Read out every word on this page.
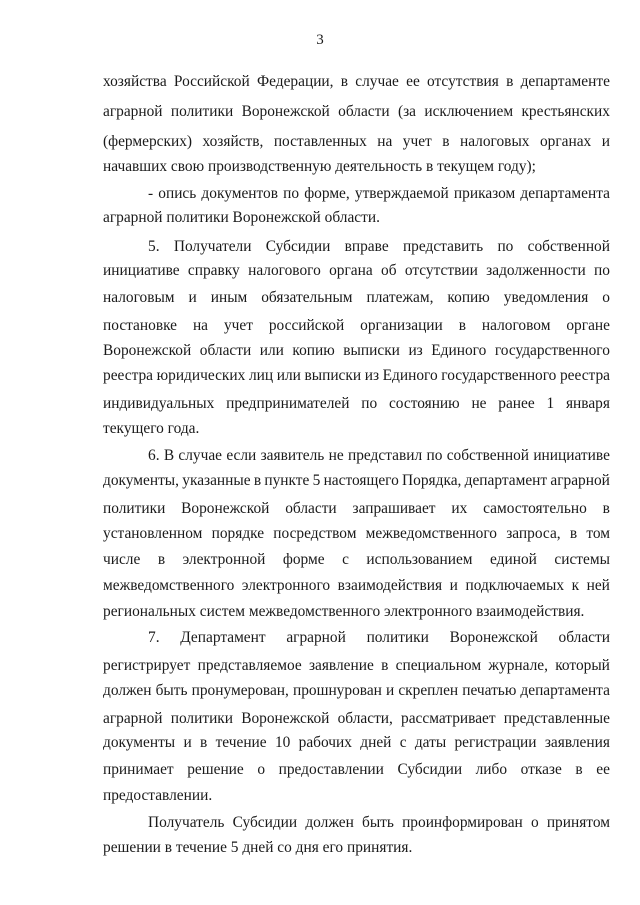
3
хозяйства Российской Федерации, в случае ее отсутствия в департаменте
аграрной политики Воронежской области (за исключением крестьянских
(фермерских) хозяйств, поставленных на учет в налоговых органах и
начавших свою производственную деятельность в текущем году);
- опись документов по форме, утверждаемой приказом департамента
аграрной политики Воронежской области.
5. Получатели Субсидии вправе представить по собственной
инициативе справку налогового органа об отсутствии задолженности по
налоговым и иным обязательным платежам, копию уведомления о
постановке на учет российской организации в налоговом органе
Воронежской области или копию выписки из Единого государственного
реестра юридических лиц или выписки из Единого государственного реестра
индивидуальных предпринимателей по состоянию не ранее 1 января
текущего года.
6. В случае если заявитель не представил по собственной инициативе
документы, указанные в пункте 5 настоящего Порядка, департамент аграрной
политики Воронежской области запрашивает их самостоятельно в
установленном порядке посредством межведомственного запроса, в том
числе в электронной форме с использованием единой системы
межведомственного электронного взаимодействия и подключаемых к ней
региональных систем межведомственного электронного взаимодействия.
7. Департамент аграрной политики Воронежской области
регистрирует представляемое заявление в специальном журнале, который
должен быть пронумерован, прошнурован и скреплен печатью департамента
аграрной политики Воронежской области, рассматривает представленные
документы и в течение 10 рабочих дней с даты регистрации заявления
принимает решение о предоставлении Субсидии либо отказе в ее
предоставлении.
Получатель Субсидии должен быть проинформирован о принятом
решении в течение 5 дней со дня его принятия.
